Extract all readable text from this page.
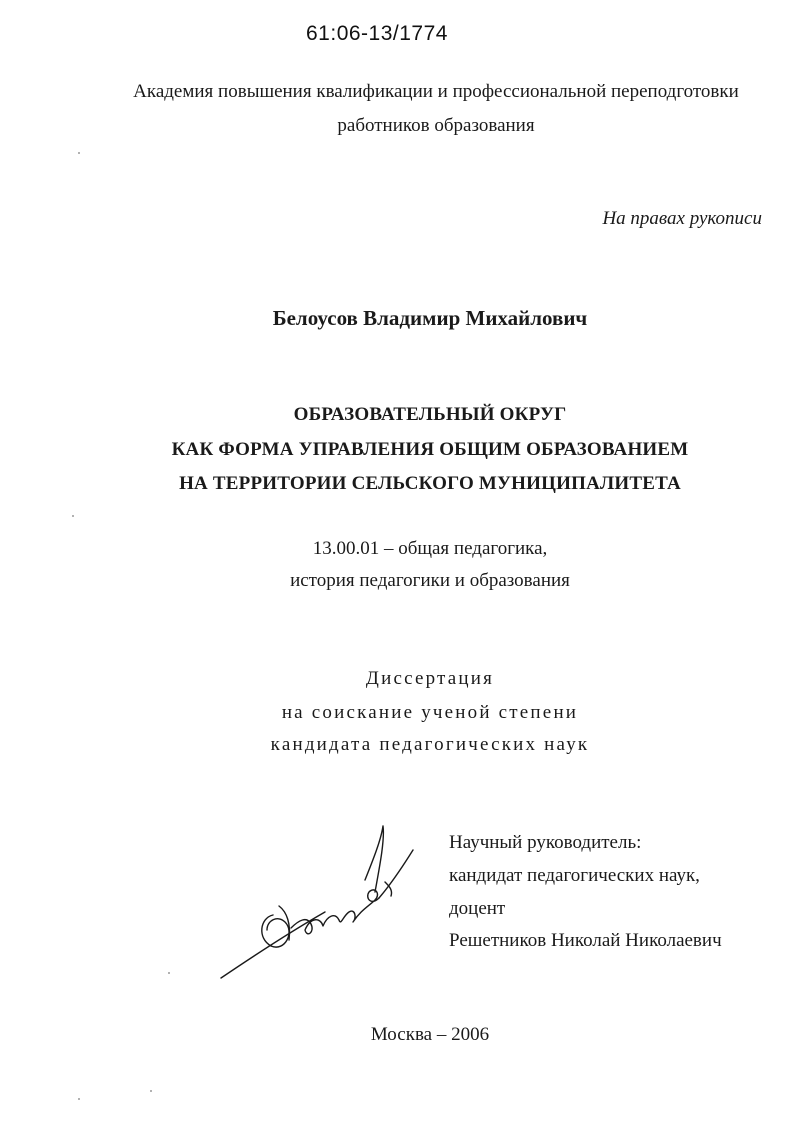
61:06-13/1774
Академия повышения квалификации и профессиональной переподготовки
работников образования
На правах рукописи
Белоусов Владимир Михайлович
ОБРАЗОВАТЕЛЬНЫЙ ОКРУГ
КАК ФОРМА УПРАВЛЕНИЯ ОБЩИМ ОБРАЗОВАНИЕМ
НА ТЕРРИТОРИИ СЕЛЬСКОГО МУНИЦИПАЛИТЕТА
13.00.01 – общая педагогика,
история педагогики и образования
Диссертация
на соискание ученой степени
кандидата педагогических наук
Научный руководитель:
кандидат педагогических наук,
доцент
Решетников Николай Николаевич
Москва – 2006
